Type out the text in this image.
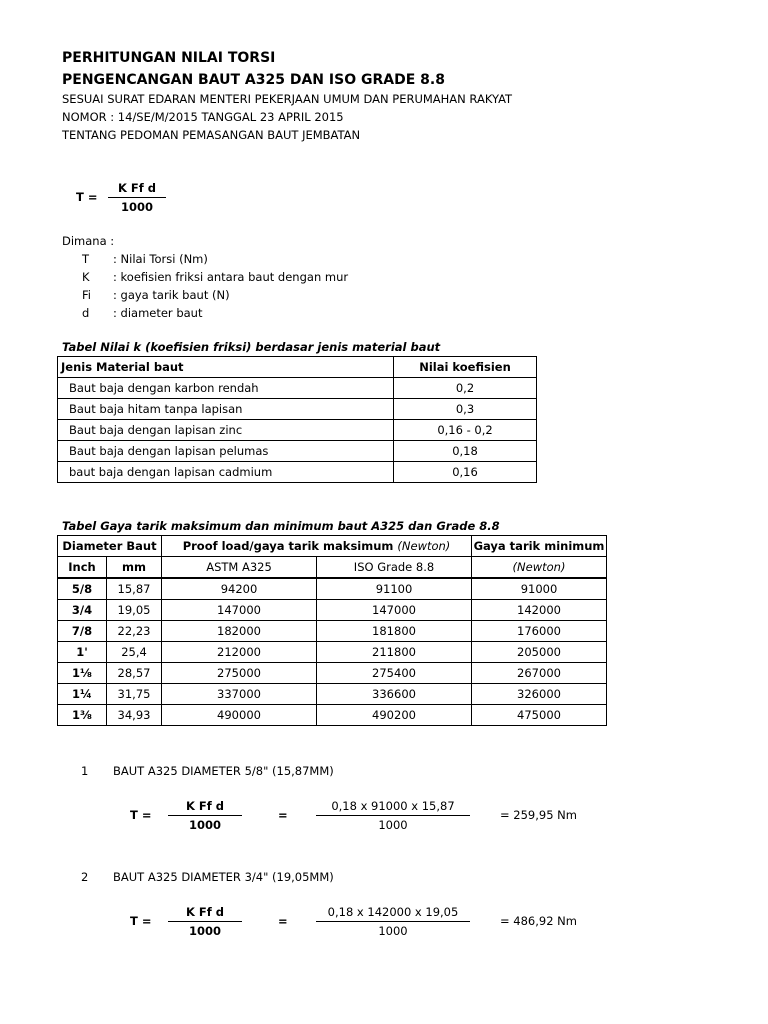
PERHITUNGAN NILAI TORSI
PENGENCANGAN BAUT A325 DAN ISO GRADE 8.8
SESUAI SURAT EDARAN MENTERI PEKERJAAN UMUM DAN PERUMAHAN RAKYAT
NOMOR : 14/SE/M/2015 TANGGAL 23 APRIL 2015
TENTANG PEDOMAN PEMASANGAN BAUT JEMBATAN
$T = \frac{\text{K Ff d}}{1000}$
Dimana :
T : Nilai Torsi (Nm)
K : koefisien friksi antara baut dengan mur
Fi : gaya tarik baut (N)
d : diameter baut
Tabel Nilai k (koefisien friksi) berdasar jenis material baut
Jenis Material baut	Nilai koefisien
Baut baja dengan karbon rendah	0,2
Baut baja hitam tanpa lapisan	0,3
Baut baja dengan lapisan zinc	0,16 - 0,2
Baut baja dengan lapisan pelumas	0,18
baut baja dengan lapisan cadmium	0,16
Tabel Gaya tarik maksimum dan minimum baut A325 dan Grade 8.8
Diameter Baut		Proof load/gaya tarik maksimum (Newton)		Gaya tarik minimum
Inch	mm	ASTM A325	ISO Grade 8.8	(Newton)
5/8	15,87	94200	91100	91000
3/4	19,05	147000	147000	142000
7/8	22,23	182000	181800	176000
1'	25,4	212000	211800	205000
1⅛	28,57	275000	275400	267000
1¼	31,75	337000	336600	326000
1⅜	34,93	490000	490200	475000
1 BAUT A325 DIAMETER 5/8" (15,87MM)
$T = \frac{\text{K Ff d}}{1000}$	= $\frac{0,18 x 91000 x 15,87}{1000}$	= 259,95 Nm
2 BAUT A325 DIAMETER 3/4" (19,05MM)
$T = \frac{\text{K Ff d}}{1000}$	= $\frac{0,18 x 142000 x 19,05}{1000}$	= 486,92 Nm
